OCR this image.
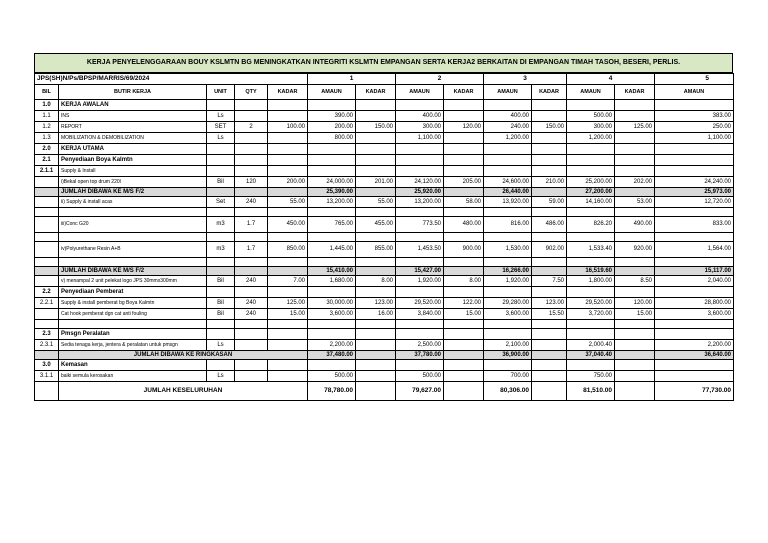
KERJA PENYELENGGARAAN BOUY KSLMTN BG MENINGKATKAN INTEGRITI KSLMTN EMPANGAN SERTA KERJA2 BERKAITAN DI EMPANGAN TIMAH TASOH, BESERI, PERLIS.
JPS(SH)N/Ps/BPSP/MARRIS/69/2024					1		2		3		4		5
BIL	BUTIR KERJA	UNIT	QTY	KADAR	AMAUN	KADAR	AMAUN	KADAR	AMAUN	KADAR	AMAUN	KADAR	AMAUN
1.0	KERJA AWALAN												
1.1	INS	Ls			390.00		400.00		400.00		500.00		383.00
1.2	REPORT	SET	2	100.00	200.00	150.00	300.00	120.00	240.00	150.00	300.00	125.00	250.00
1.3	MOBILIZATION & DEMOBILIZATION	Ls			800.00		1,100.00		1,200.00		1,200.00		1,100.00
2.0	KERJA UTAMA												
2.1	Penyediaan Boya Kalmtn												
2.1.1	Supply & Install												
	i)Bekal open top drum 220l	Bil	120	200.00	24,000.00	201.00	24,120.00	205.00	24,600.00	210.00	25,200.00	202.00	24,240.00
	JUMLAH DIBAWA KE M/S F/2				25,390.00		25,920.00		26,440.00		27,200.00		25,973.00
	ii) Supply & install acas	Set	240	55.00	13,200.00	55.00	13,200.00	58.00	13,920.00	59.00	14,160.00	53.00	12,720.00

	iii)Conc G20	m3	1.7	450.00	765.00	455.00	773.50	480.00	816.00	486.00	826.20	490.00	833.00

	iv)Polyurethane Resin A+B	m3	1.7	850.00	1,445.00	855.00	1,453.50	900.00	1,530.00	902.00	1,533.40	920.00	1,564.00

	JUMLAH DIBAWA KE M/S F/2				15,410.00		15,427.00		16,266.00		16,519.60		15,117.00
	v) menampal 2 unit pelekat logo JPS 30mmx300mm	Bil	240	7.00	1,680.00	8.00	1,920.00	8.00	1,920.00	7.50	1,800.00	8.50	2,040.00
2.2	Penyediaan Pemberat												
2.2.1	Supply & install pemberat bg Boya Kalmtn	Bil	240	125.00	30,000.00	123.00	29,520.00	122.00	29,280.00	123.00	29,520.00	120.00	28,800.00
	Cat hook pemberat dgn cat anti fouling	Bil	240	15.00	3,600.00	16.00	3,840.00	15.00	3,600.00	15.50	3,720.00	15.00	3,600.00

2.3	Pmsgn Peralatan												
2.3.1	Sedia tenaga kerja, jentera & peralatan untuk pmsgn	Ls			2,200.00		2,500.00		2,100.00		2,000.40		2,200.00
	JUMLAH DIBAWA KE RINGKASAN				37,480.00		37,780.00		36,900.00		37,040.40		36,640.00
3.0	Kemasan												
3.1.1	baiki semula kerosakan	Ls			500.00		500.00		700.00		750.00		
	JUMLAH KESELURUHAN				78,780.00		79,627.00		80,306.00		81,510.00		77,730.00
